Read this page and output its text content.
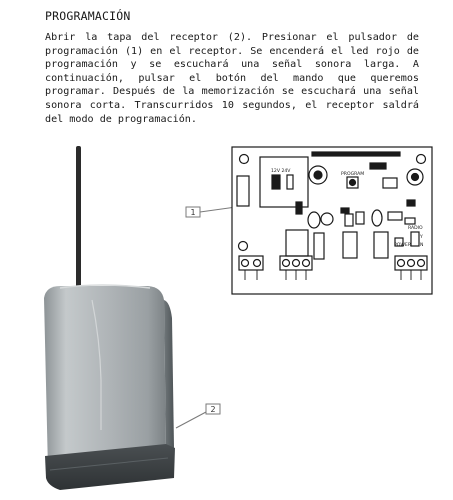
PROGRAMACIÓN

Abrir la tapa del receptor (2). Presionar el pulsador de programación (1) en el receptor. Se encenderá el led rojo de programación y se escuchará una señal sonora larga. A continuación, pulsar el botón del mando que queremos programar. Después de la memorización se escuchará una señal sonora corta. Transcurridos 10 segundos, el receptor saldrá del modo de programación.

2
1
12V 24V
PROGRAM
RADIO
POWER
Y
N
